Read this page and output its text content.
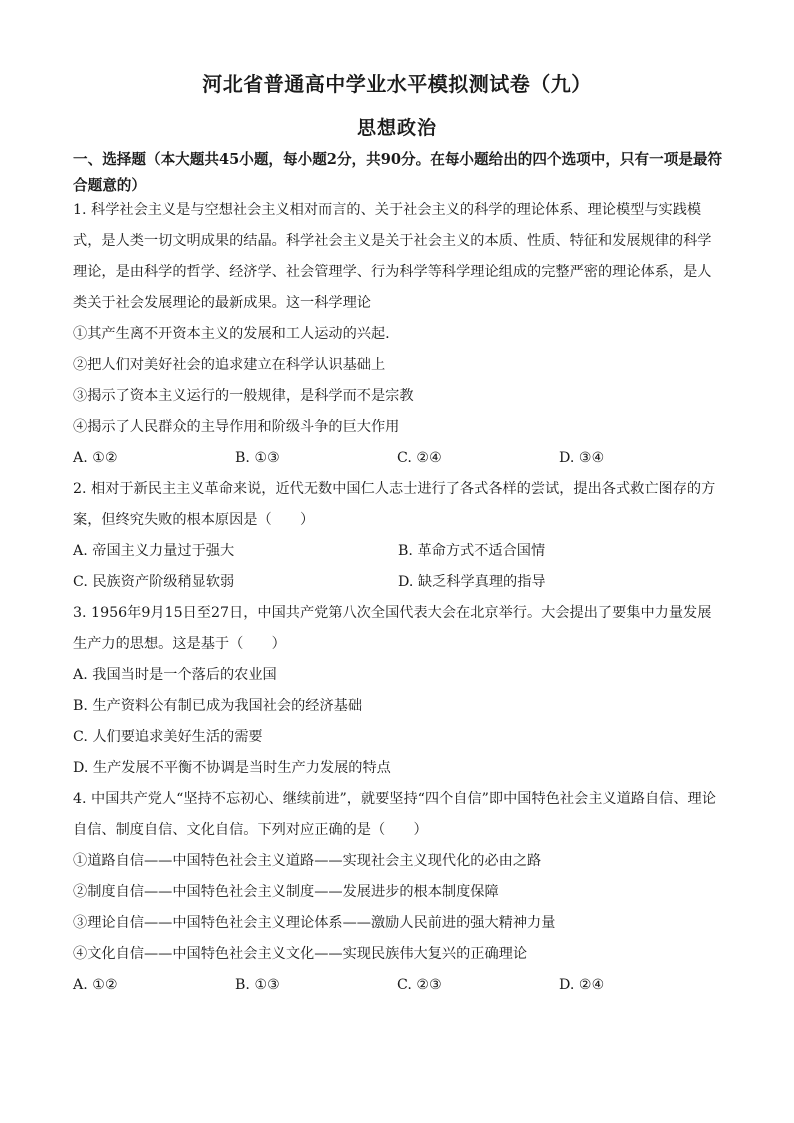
河北省普通高中学业水平模拟测试卷（九）
思想政治
一、选择题（本大题共45小题，每小题2分，共90分。在每小题给出的四个选项中，只有一项是最符合题意的）
1. 科学社会主义是与空想社会主义相对而言的、关于社会主义的科学的理论体系、理论模型与实践模式，是人类一切文明成果的结晶。科学社会主义是关于社会主义的本质、性质、特征和发展规律的科学理论，是由科学的哲学、经济学、社会管理学、行为科学等科学理论组成的完整严密的理论体系，是人类关于社会发展理论的最新成果。这一科学理论
①其产生离不开资本主义的发展和工人运动的兴起.
②把人们对美好社会的追求建立在科学认识基础上
③揭示了资本主义运行的一般规律，是科学而不是宗教
④揭示了人民群众的主导作用和阶级斗争的巨大作用
A. ①②	B. ①③	C. ②④	D. ③④
2. 相对于新民主主义革命来说，近代无数中国仁人志士进行了各式各样的尝试，提出各式救亡图存的方案，但终究失败的根本原因是（　　）
A. 帝国主义力量过于强大	B. 革命方式不适合国情
C. 民族资产阶级稍显软弱	D. 缺乏科学真理的指导
3. 1956年9月15日至27日，中国共产党第八次全国代表大会在北京举行。大会提出了要集中力量发展生产力的思想。这是基于（　　）
A. 我国当时是一个落后的农业国
B. 生产资料公有制已成为我国社会的经济基础
C. 人们要追求美好生活的需要
D. 生产发展不平衡不协调是当时生产力发展的特点
4. 中国共产党人“坚持不忘初心、继续前进”，就要坚持“四个自信”即中国特色社会主义道路自信、理论自信、制度自信、文化自信。下列对应正确的是（　　）
①道路自信——中国特色社会主义道路——实现社会主义现代化的必由之路
②制度自信——中国特色社会主义制度——发展进步的根本制度保障
③理论自信——中国特色社会主义理论体系——激励人民前进的强大精神力量
④文化自信——中国特色社会主义文化——实现民族伟大复兴的正确理论
A. ①②	B. ①③	C. ②③	D. ②④
